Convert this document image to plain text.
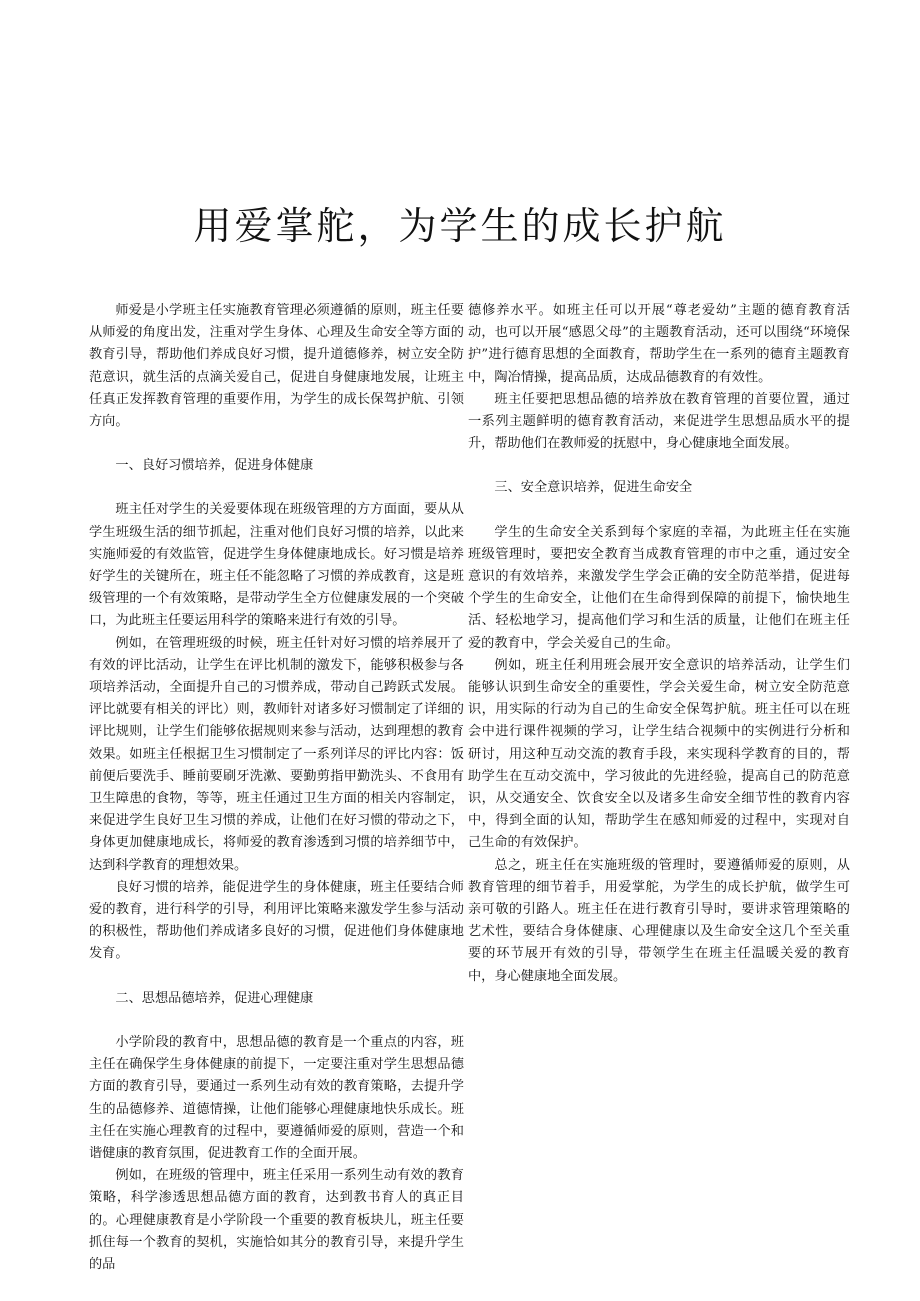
用爱掌舵，为学生的成长护航

师爱是小学班主任实施教育管理必须遵循的原则，班主任要从师爱的角度出发，注重对学生身体、心理及生命安全等方面的教育引导，帮助他们养成良好习惯，提升道德修养，树立安全防范意识，就生活的点滴关爱自己，促进自身健康地发展，让班主任真正发挥教育管理的重要作用，为学生的成长保驾护航、引领方向。

一、良好习惯培养，促进身体健康

班主任对学生的关爱要体现在班级管理的方方面面，要从从学生班级生活的细节抓起，注重对他们良好习惯的培养，以此来实施师爱的有效监管，促进学生身体健康地成长。好习惯是培养好学生的关键所在，班主任不能忽略了习惯的养成教育，这是班级管理的一个有效策略，是带动学生全方位健康发展的一个突破口，为此班主任要运用科学的策略来进行有效的引导。

例如，在管理班级的时候，班主任针对好习惯的培养展开了有效的评比活动，让学生在评比机制的激发下，能够积极参与各项培养活动，全面提升自己的习惯养成，带动自己跨跃式发展。评比就要有相关的评比）则，教师针对诸多好习惯制定了详细的评比规则，让学生们能够依据规则来参与活动，达到理想的教育效果。如班主任根据卫生习惯制定了一系列详尽的评比内容：饭前便后要洗手、睡前要刷牙洗漱、要勤剪指甲勤洗头、不食用有卫生障患的食物，等等，班主任通过卫生方面的相关内容制定，来促进学生良好卫生习惯的养成，让他们在好习惯的带动之下，身体更加健康地成长，将师爱的教育渗透到习惯的培养细节中，达到科学教育的理想效果。

良好习惯的培养，能促进学生的身体健康，班主任要结合师爱的教育，进行科学的引导，利用评比策略来激发学生参与活动的积极性，帮助他们养成诸多良好的习惯，促进他们身体健康地发育。

二、思想品德培养，促进心理健康

小学阶段的教育中，思想品德的教育是一个重点的内容，班主任在确保学生身体健康的前提下，一定要注重对学生思想品德方面的教育引导，要通过一系列生动有效的教育策略，去提升学生的品德修养、道德情操，让他们能够心理健康地快乐成长。班主任在实施心理教育的过程中，要遵循师爱的原则，营造一个和谐健康的教育氛围，促进教育工作的全面开展。

例如，在班级的管理中，班主任采用一系列生动有效的教育策略，科学渗透思想品德方面的教育，达到教书育人的真正目的。心理健康教育是小学阶段一个重要的教育板块儿，班主任要抓住每一个教育的契机，实施恰如其分的教育引导，来提升学生的品

德修养水平。如班主任可以开展“尊老爱幼”主题的德育教育活动，也可以开展“感恩父母”的主题教育活动，还可以围绕“环境保护”进行德育思想的全面教育，帮助学生在一系列的德育主题教育中，陶冶情操，提高品质，达成品德教育的有效性。

班主任要把思想品德的培养放在教育管理的首要位置，通过一系列主题鲜明的德育教育活动，来促进学生思想品质水平的提升，帮助他们在教师爱的抚慰中，身心健康地全面发展。

三、安全意识培养，促进生命安全

学生的生命安全关系到每个家庭的幸福，为此班主任在实施班级管理时，要把安全教育当成教育管理的市中之重，通过安全意识的有效培养，来激发学生学会正确的安全防范举措，促进每个学生的生命安全，让他们在生命得到保障的前提下，愉快地生活、轻松地学习，提高他们学习和生活的质量，让他们在班主任爱的教育中，学会关爱自己的生命。

例如，班主任利用班会展开安全意识的培养活动，让学生们能够认识到生命安全的重要性，学会关爱生命，树立安全防范意识，用实际的行动为自己的生命安全保驾护航。班主任可以在班会中进行课件视频的学习，让学生结合视频中的实例进行分析和研讨，用这种互动交流的教育手段，来实现科学教育的目的，帮助学生在互动交流中，学习彼此的先进经验，提高自己的防范意识，从交通安全、饮食安全以及诸多生命安全细节性的教育内容中，得到全面的认知，帮助学生在感知师爱的过程中，实现对自己生命的有效保护。

总之，班主任在实施班级的管理时，要遵循师爱的原则，从教育管理的细节着手，用爱掌舵，为学生的成长护航，做学生可亲可敬的引路人。班主任在进行教育引导时，要讲求管理策略的艺术性，要结合身体健康、心理健康以及生命安全这几个至关重要的环节展开有效的引导，带领学生在班主任温暖关爱的教育中，身心健康地全面发展。
